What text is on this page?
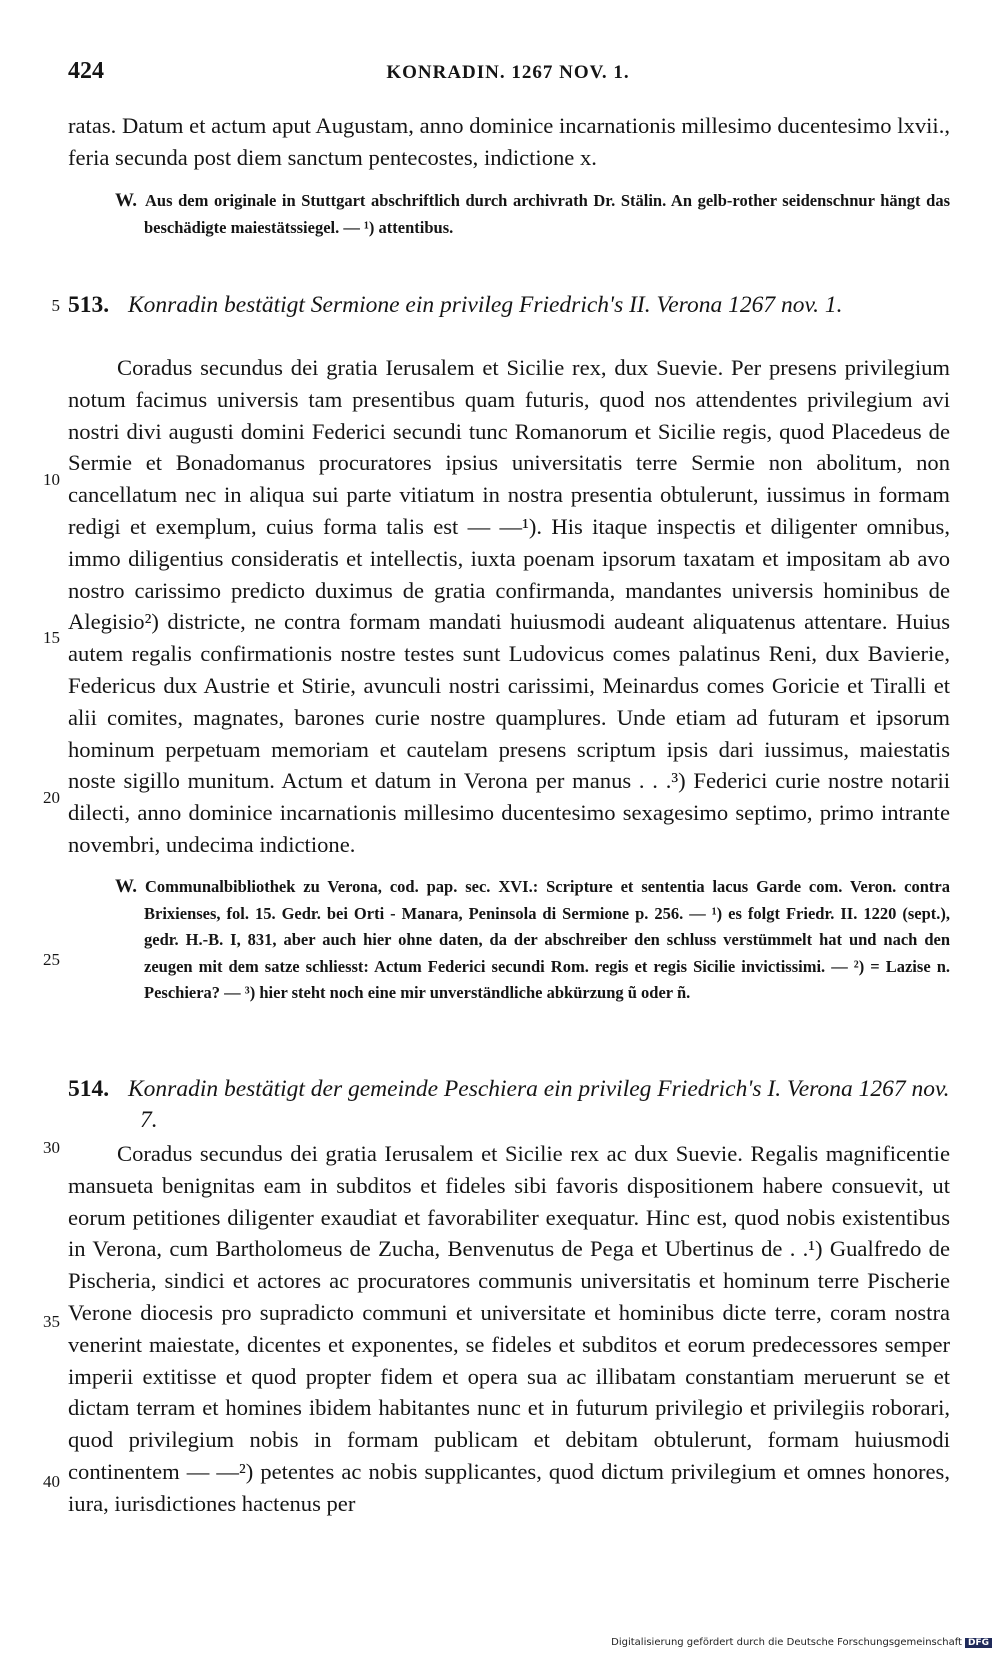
424	KONRADIN. 1267 NOV. 1.

ratas. Datum et actum aput Augustam, anno dominice incarnationis millesimo ducentesimo lxvii., feria secunda post diem sanctum pentecostes, indictione x.

W. Aus dem originale in Stuttgart abschriftlich durch archivrath Dr. Stälin. An gelb-rother seidenschnur hängt das beschädigte maiestätssiegel. — ¹) attentibus.
513. Konradin bestätigt Sermione ein privileg Friedrich's II. Verona 1267 nov. 1.

Coradus secundus dei gratia Ierusalem et Sicilie rex, dux Suevie. Per presens privilegium notum facimus universis tam presentibus quam futuris, quod nos attendentes privilegium avi nostri divi augusti domini Federici secundi tunc Romanorum et Sicilie regis, quod Placedeus de Sermie et Bonadomanus procuratores ipsius universitatis terre Sermie non abolitum, non cancellatum nec in aliqua sui parte vitiatum in nostra presentia obtulerunt, iussimus in formam redigi et exemplum, cuius forma talis est — —¹). His itaque inspectis et diligenter omnibus, immo diligentius consideratis et intellectis, iuxta poenam ipsorum taxatam et impositam ab avo nostro carissimo predicto duximus de gratia confirmanda, mandantes universis hominibus de Alegisio²) districte, ne contra formam mandati huiusmodi audeant aliquatenus attentare. Huius autem regalis confirmationis nostre testes sunt Ludovicus comes palatinus Reni, dux Bavierie, Federicus dux Austrie et Stirie, avunculi nostri carissimi, Meinardus comes Goricie et Tiralli et alii comites, magnates, barones curie nostre quamplures. Unde etiam ad futuram et ipsorum hominum perpetuam memoriam et cautelam presens scriptum ipsis dari iussimus, maiestatis noste sigillo munitum. Actum et datum in Verona per manus . . .³) Federici curie nostre notarii dilecti, anno dominice incarnationis millesimo ducentesimo sexagesimo septimo, primo intrante novembri, undecima indictione.

W. Communalbibliothek zu Verona, cod. pap. sec. XVI.: Scripture et sententia lacus Garde com. Veron. contra Brixienses, fol. 15. Gedr. bei Orti - Manara, Peninsola di Sermione p. 256. — ¹) es folgt Friedr. II. 1220 (sept.), gedr. H.-B. I, 831, aber auch hier ohne daten, da der abschreiber den schluss verstümmelt hat und nach den zeugen mit dem satze schliesst: Actum Federici secundi Rom. regis et regis Sicilie invictissimi. — ²) = Lazise n. Peschiera? — ³) hier steht noch eine mir unverständliche abkürzung ũ oder ñ.
514. Konradin bestätigt der gemeinde Peschiera ein privileg Friedrich's I. Verona 1267 nov. 7.

Coradus secundus dei gratia Ierusalem et Sicilie rex ac dux Suevie. Regalis magnificentie mansueta benignitas eam in subditos et fideles sibi favoris dispositionem habere consuevit, ut eorum petitiones diligenter exaudiat et favorabiliter exequatur. Hinc est, quod nobis existentibus in Verona, cum Bartholomeus de Zucha, Benvenutus de Pega et Ubertinus de . .¹) Gualfredo de Pischeria, sindici et actores ac procuratores communis universitatis et hominum terre Pischerie Verone diocesis pro supradicto communi et universitate et hominibus dicte terre, coram nostra venerint maiestate, dicentes et exponentes, se fideles et subditos et eorum predecessores semper imperii extitisse et quod propter fidem et opera sua ac illibatam constantiam meruerunt se et dictam terram et homines ibidem habitantes nunc et in futurum privilegio et privilegiis roborari, quod privilegium nobis in formam publicam et debitam obtulerunt, formam huiusmodi continentem — —²) petentes ac nobis supplicantes, quod dictum privilegium et omnes honores, iura, iurisdictiones hactenus per

5
10
15
20
25
30
35
40
Digitalisierung gefördert durch die Deutsche Forschungsgemeinschaft DFG
